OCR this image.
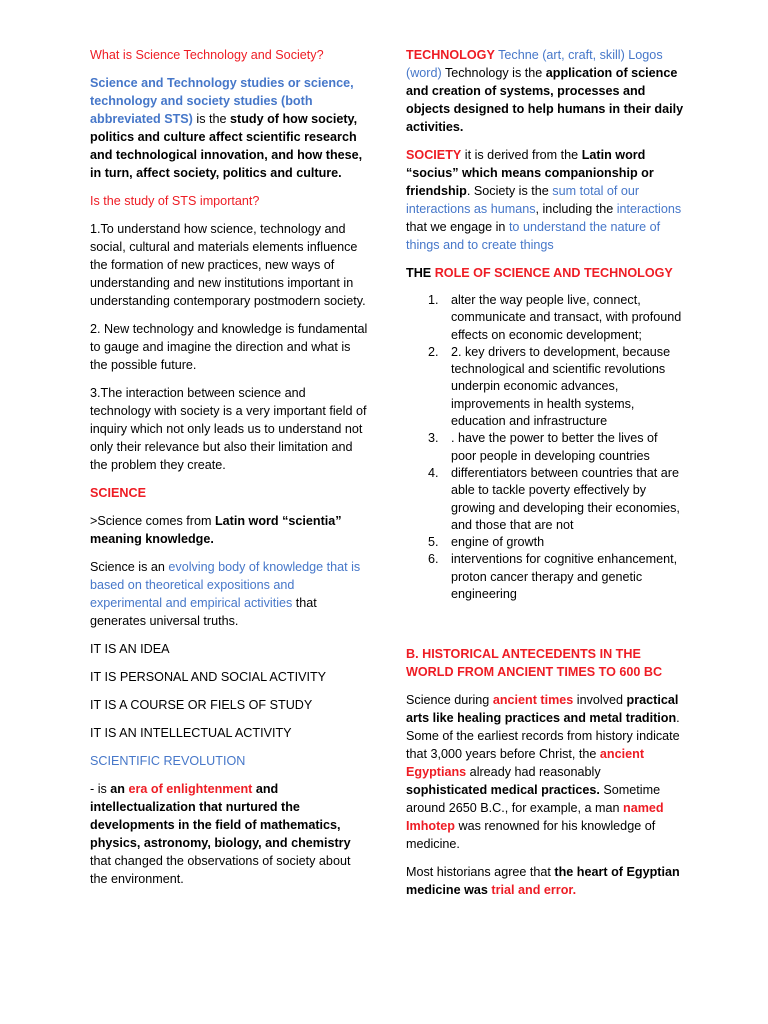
What is Science Technology and Society?

Science and Technology studies or science, technology and society studies (both abbreviated STS) is the study of how society, politics and culture affect scientific research and technological innovation, and how these, in turn, affect society, politics and culture.

Is the study of STS important?

1.To understand how science, technology and social, cultural and materials elements influence the formation of new practices, new ways of understanding and new institutions important in understanding contemporary postmodern society.

2. New technology and knowledge is fundamental to gauge and imagine the direction and what is the possible future.

3.The interaction between science and technology with society is a very important field of inquiry which not only leads us to understand not only their relevance but also their limitation and the problem they create.

SCIENCE

>Science comes from Latin word “scientia” meaning knowledge.

Science is an evolving body of knowledge that is based on theoretical expositions and experimental and empirical activities that generates universal truths.

IT IS AN IDEA

IT IS PERSONAL AND SOCIAL ACTIVITY

IT IS A COURSE OR FIELS OF STUDY

IT IS AN INTELLECTUAL ACTIVITY

SCIENTIFIC REVOLUTION

- is an era of enlightenment and intellectualization that nurtured the developments in the field of mathematics, physics, astronomy, biology, and chemistry that changed the observations of society about the environment.

TECHNOLOGY Techne (art, craft, skill) Logos (word) Technology is the application of science and creation of systems, processes and objects designed to help humans in their daily activities.

SOCIETY it is derived from the Latin word “socius” which means companionship or friendship. Society is the sum total of our interactions as humans, including the interactions that we engage in to understand the nature of things and to create things

THE ROLE OF SCIENCE AND TECHNOLOGY

1. alter the way people live, connect, communicate and transact, with profound effects on economic development;
2. 2. key drivers to development, because technological and scientific revolutions underpin economic advances, improvements in health systems, education and infrastructure
3. . have the power to better the lives of poor people in developing countries
4. differentiators between countries that are able to tackle poverty effectively by growing and developing their economies, and those that are not
5. engine of growth
6. interventions for cognitive enhancement, proton cancer therapy and genetic engineering

B. HISTORICAL ANTECEDENTS IN THE WORLD FROM ANCIENT TIMES TO 600 BC

Science during ancient times involved practical arts like healing practices and metal tradition. Some of the earliest records from history indicate that 3,000 years before Christ, the ancient Egyptians already had reasonably sophisticated medical practices. Sometime around 2650 B.C., for example, a man named Imhotep was renowned for his knowledge of medicine.

Most historians agree that the heart of Egyptian medicine was trial and error.
